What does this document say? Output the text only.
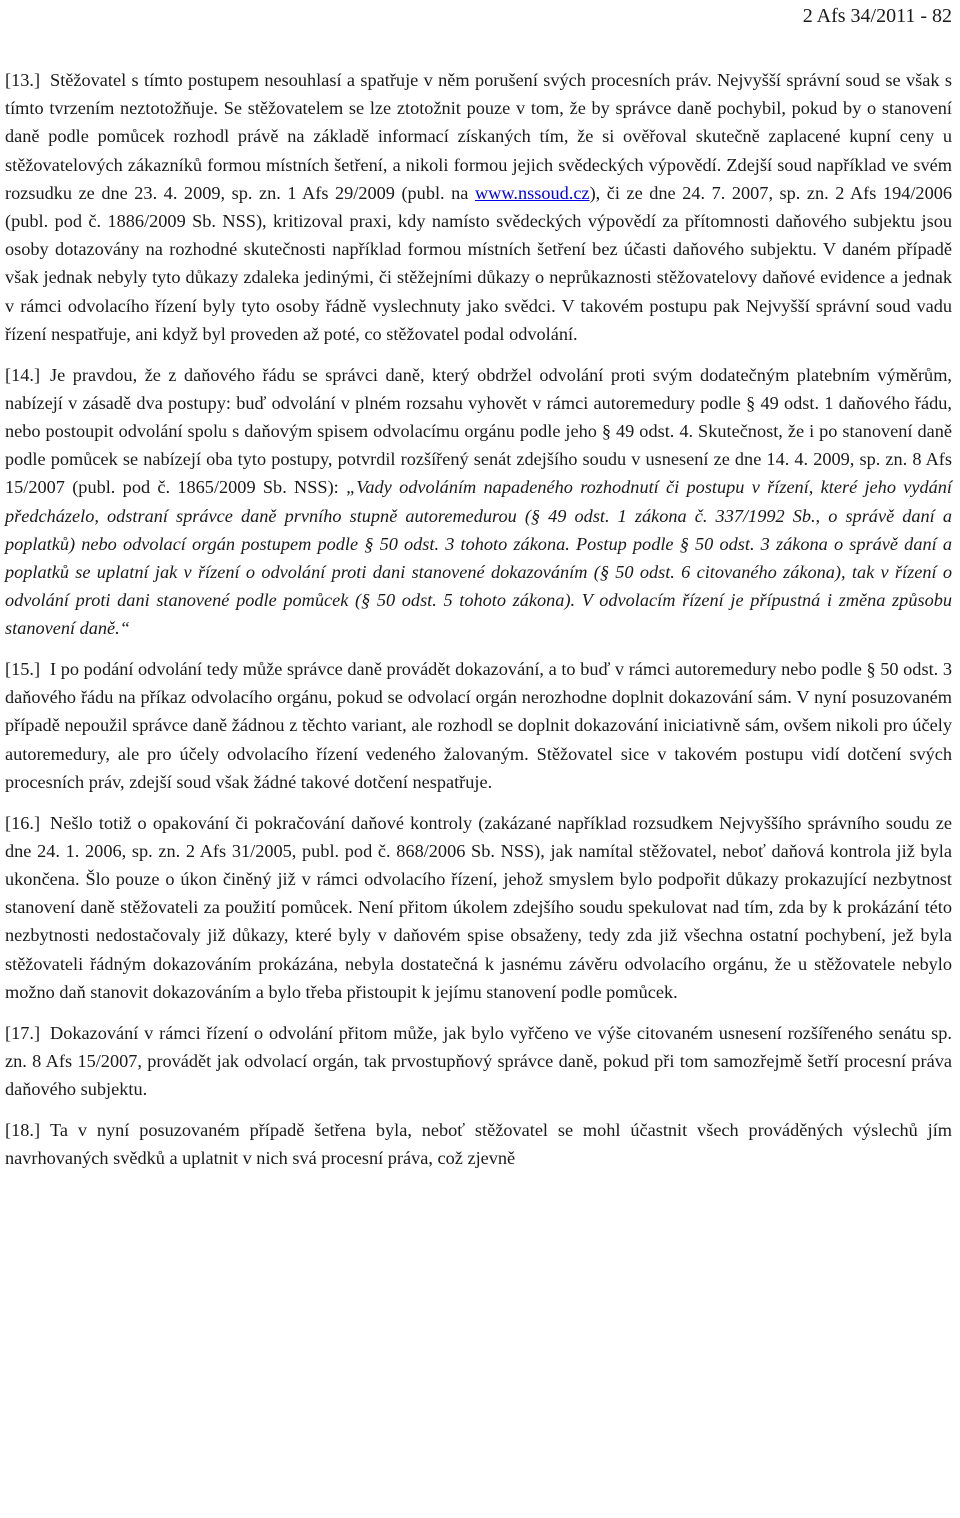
2 Afs 34/2011 - 82

[13.] Stěžovatel s tímto postupem nesouhlasí a spatřuje v něm porušení svých procesních práv. Nejvyšší správní soud se však s tímto tvrzením neztotožňuje. Se stěžovatelem se lze ztotožnit pouze v tom, že by správce daně pochybil, pokud by o stanovení daně podle pomůcek rozhodl právě na základě informací získaných tím, že si ověřoval skutečně zaplacené kupní ceny u stěžovatelových zákazníků formou místních šetření, a nikoli formou jejich svědeckých výpovědí. Zdejší soud například ve svém rozsudku ze dne 23. 4. 2009, sp. zn. 1 Afs 29/2009 (publ. na www.nssoud.cz), či ze dne 24. 7. 2007, sp. zn. 2 Afs 194/2006 (publ. pod č. 1886/2009 Sb. NSS), kritizoval praxi, kdy namísto svědeckých výpovědí za přítomnosti daňového subjektu jsou osoby dotazovány na rozhodné skutečnosti například formou místních šetření bez účasti daňového subjektu. V daném případě však jednak nebyly tyto důkazy zdaleka jedinými, či stěžejními důkazy o neprůkaznosti stěžovatelovy daňové evidence a jednak v rámci odvolacího řízení byly tyto osoby řádně vyslechnuty jako svědci. V takovém postupu pak Nejvyšší správní soud vadu řízení nespatřuje, ani když byl proveden až poté, co stěžovatel podal odvolání.

[14.] Je pravdou, že z daňového řádu se správci daně, který obdržel odvolání proti svým dodatečným platebním výměrům, nabízejí v zásadě dva postupy: buď odvolání v plném rozsahu vyhovět v rámci autoremedury podle § 49 odst. 1 daňového řádu, nebo postoupit odvolání spolu s daňovým spisem odvolacímu orgánu podle jeho § 49 odst. 4. Skutečnost, že i po stanovení daně podle pomůcek se nabízejí oba tyto postupy, potvrdil rozšířený senát zdejšího soudu v usnesení ze dne 14. 4. 2009, sp. zn. 8 Afs 15/2007 (publ. pod č. 1865/2009 Sb. NSS): „Vady odvoláním napadeného rozhodnutí či postupu v řízení, které jeho vydání předcházelo, odstraní správce daně prvního stupně autoremedurou (§ 49 odst. 1 zákona č. 337/1992 Sb., o správě daní a poplatků) nebo odvolací orgán postupem podle § 50 odst. 3 tohoto zákona. Postup podle § 50 odst. 3 zákona o správě daní a poplatků se uplatní jak v řízení o odvolání proti dani stanovené dokazováním (§ 50 odst. 6 citovaného zákona), tak v řízení o odvolání proti dani stanovené podle pomůcek (§ 50 odst. 5 tohoto zákona). V odvolacím řízení je přípustná i změna způsobu stanovení daně.“

[15.] I po podání odvolání tedy může správce daně provádět dokazování, a to buď v rámci autoremedury nebo podle § 50 odst. 3 daňového řádu na příkaz odvolacího orgánu, pokud se odvolací orgán nerozhodne doplnit dokazování sám. V nyní posuzovaném případě nepoužil správce daně žádnou z těchto variant, ale rozhodl se doplnit dokazování iniciativně sám, ovšem nikoli pro účely autoremedury, ale pro účely odvolacího řízení vedeného žalovaným. Stěžovatel sice v takovém postupu vidí dotčení svých procesních práv, zdejší soud však žádné takové dotčení nespatřuje.

[16.] Nešlo totiž o opakování či pokračování daňové kontroly (zakázané například rozsudkem Nejvyššího správního soudu ze dne 24. 1. 2006, sp. zn. 2 Afs 31/2005, publ. pod č. 868/2006 Sb. NSS), jak namítal stěžovatel, neboť daňová kontrola již byla ukončena. Šlo pouze o úkon činěný již v rámci odvolacího řízení, jehož smyslem bylo podpořit důkazy prokazující nezbytnost stanovení daně stěžovateli za použití pomůcek. Není přitom úkolem zdejšího soudu spekulovat nad tím, zda by k prokázání této nezbytnosti nedostačovaly již důkazy, které byly v daňovém spise obsaženy, tedy zda již všechna ostatní pochybení, jež byla stěžovateli řádným dokazováním prokázána, nebyla dostatečná k jasnému závěru odvolacího orgánu, že u stěžovatele nebylo možno daň stanovit dokazováním a bylo třeba přistoupit k jejímu stanovení podle pomůcek.

[17.] Dokazování v rámci řízení o odvolání přitom může, jak bylo vyřčeno ve výše citovaném usnesení rozšířeného senátu sp. zn. 8 Afs 15/2007, provádět jak odvolací orgán, tak prvostupňový správce daně, pokud při tom samozřejmě šetří procesní práva daňového subjektu.

[18.] Ta v nyní posuzovaném případě šetřena byla, neboť stěžovatel se mohl účastnit všech prováděných výslechů jím navrhovaných svědků a uplatnit v nich svá procesní práva, což zjevně
